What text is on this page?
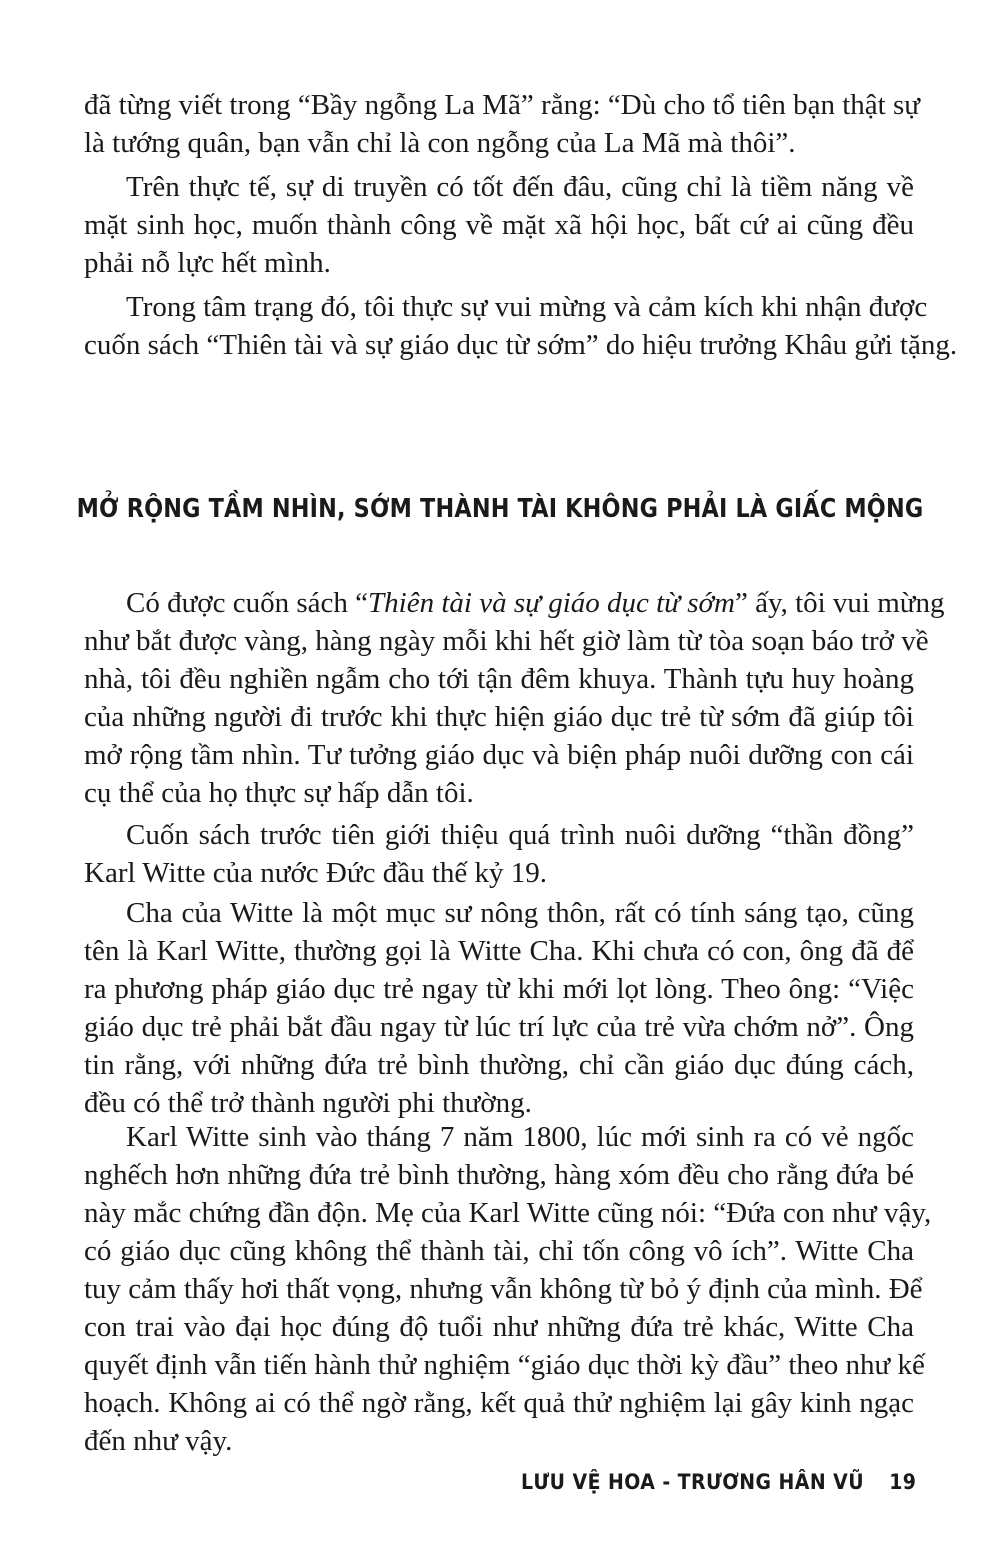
đã từng viết trong “Bầy ngỗng La Mã” rằng: “Dù cho tổ tiên bạn thật sự
là tướng quân, bạn vẫn chỉ là con ngỗng của La Mã mà thôi”.

Trên thực tế, sự di truyền có tốt đến đâu, cũng chỉ là tiềm năng về
mặt sinh học, muốn thành công về mặt xã hội học, bất cứ ai cũng đều
phải nỗ lực hết mình.

Trong tâm trạng đó, tôi thực sự vui mừng và cảm kích khi nhận được
cuốn sách “Thiên tài và sự giáo dục từ sớm” do hiệu trưởng Khâu gửi tặng.

MỞ RỘNG TẦM NHÌN, SỚM THÀNH TÀI KHÔNG PHẢI LÀ GIẤC MỘNG

Có được cuốn sách “Thiên tài và sự giáo dục từ sớm” ấy, tôi vui mừng
như bắt được vàng, hàng ngày mỗi khi hết giờ làm từ tòa soạn báo trở về
nhà, tôi đều nghiền ngẫm cho tới tận đêm khuya. Thành tựu huy hoàng
của những người đi trước khi thực hiện giáo dục trẻ từ sớm đã giúp tôi
mở rộng tầm nhìn. Tư tưởng giáo dục và biện pháp nuôi dưỡng con cái
cụ thể của họ thực sự hấp dẫn tôi.

Cuốn sách trước tiên giới thiệu quá trình nuôi dưỡng “thần đồng”
Karl Witte của nước Đức đầu thế kỷ 19.

Cha của Witte là một mục sư nông thôn, rất có tính sáng tạo, cũng
tên là Karl Witte, thường gọi là Witte Cha. Khi chưa có con, ông đã để
ra phương pháp giáo dục trẻ ngay từ khi mới lọt lòng. Theo ông: “Việc
giáo dục trẻ phải bắt đầu ngay từ lúc trí lực của trẻ vừa chớm nở”. Ông
tin rằng, với những đứa trẻ bình thường, chỉ cần giáo dục đúng cách,
đều có thể trở thành người phi thường.

Karl Witte sinh vào tháng 7 năm 1800, lúc mới sinh ra có vẻ ngốc
nghếch hơn những đứa trẻ bình thường, hàng xóm đều cho rằng đứa bé
này mắc chứng đần độn. Mẹ của Karl Witte cũng nói: “Đứa con như vậy,
có giáo dục cũng không thể thành tài, chỉ tốn công vô ích”. Witte Cha
tuy cảm thấy hơi thất vọng, nhưng vẫn không từ bỏ ý định của mình. Để
con trai vào đại học đúng độ tuổi như những đứa trẻ khác, Witte Cha
quyết định vẫn tiến hành thử nghiệm “giáo dục thời kỳ đầu” theo như kế
hoạch. Không ai có thể ngờ rằng, kết quả thử nghiệm lại gây kinh ngạc
đến như vậy.

LƯU VỆ HOA - TRƯƠNG HÂN VŨ 19
